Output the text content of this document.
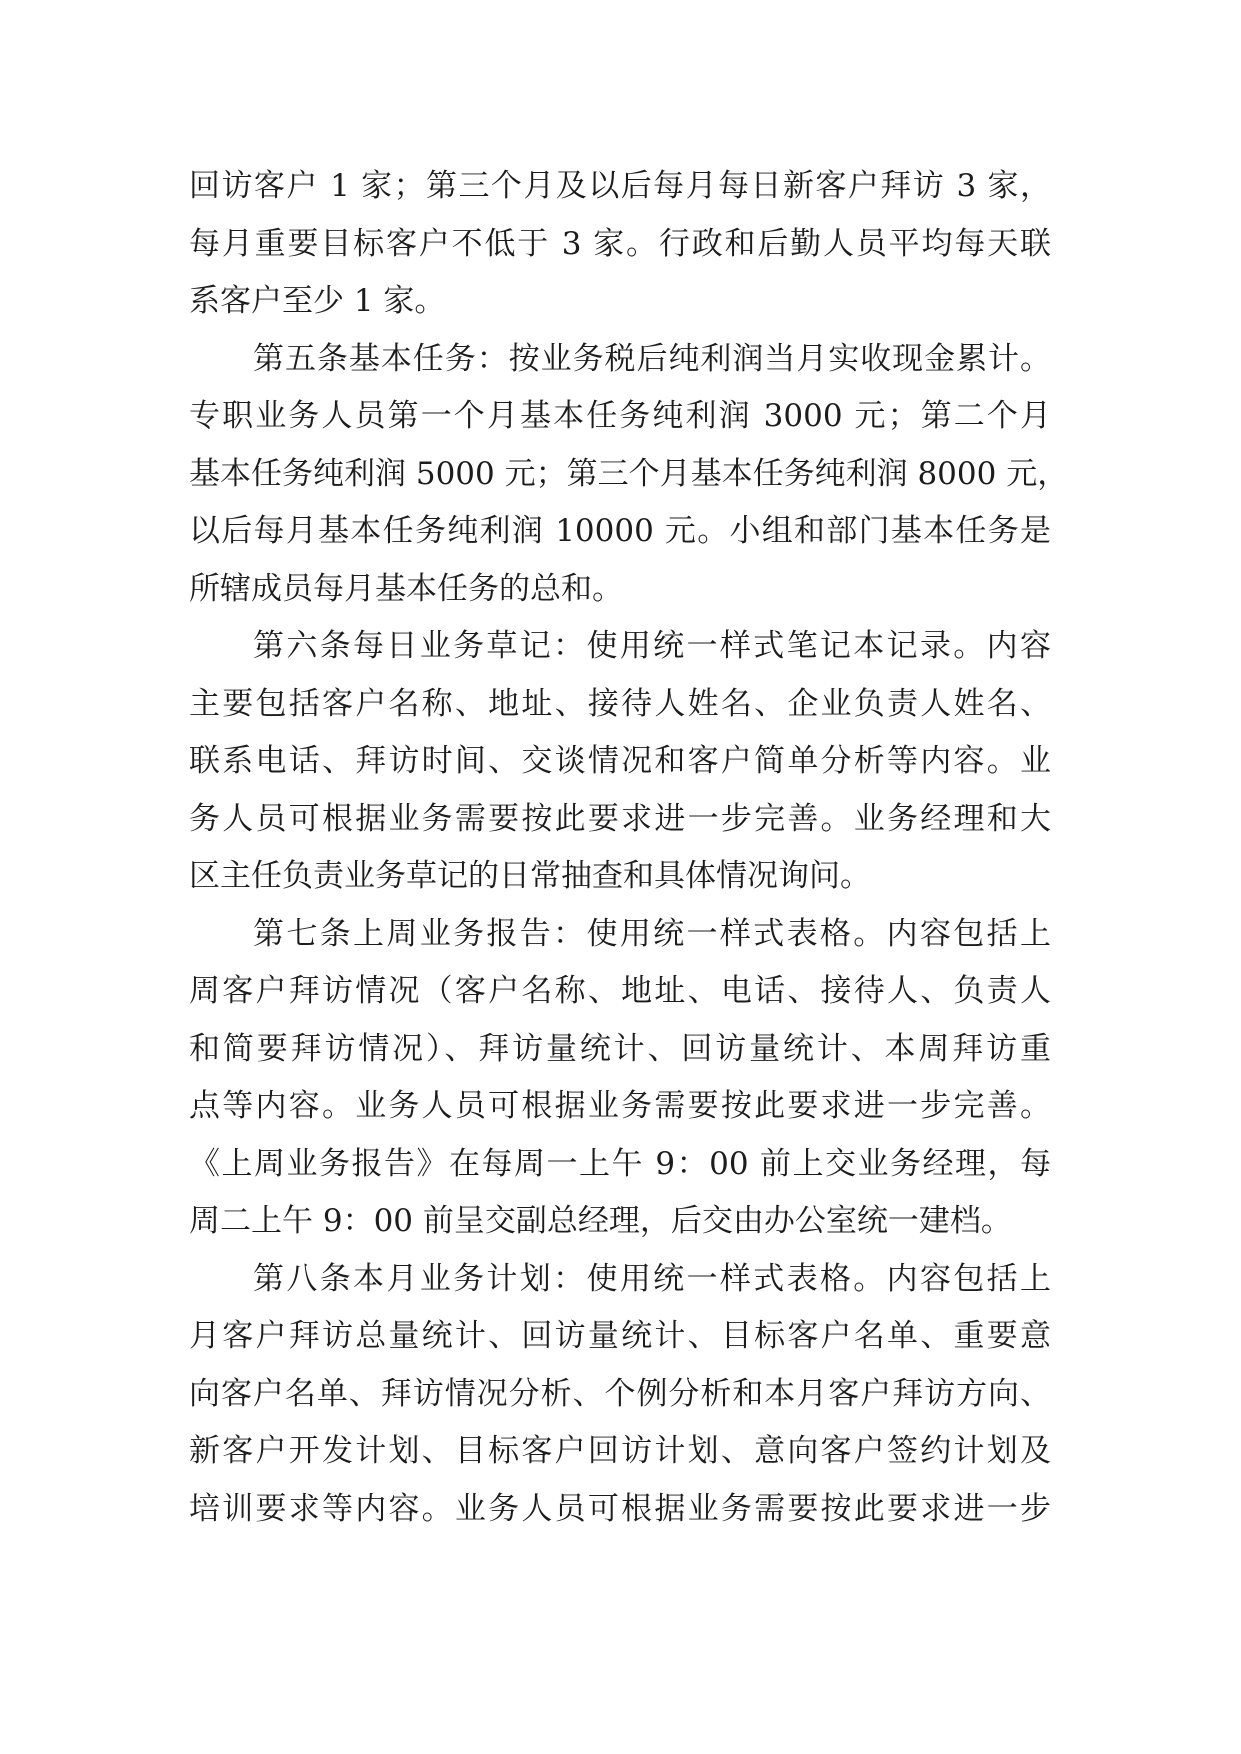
回访客户 1 家；第三个月及以后每月每日新客户拜访 3 家，
每月重要目标客户不低于 3 家。行政和后勤人员平均每天联
系客户至少 1 家。
第五条基本任务：按业务税后纯利润当月实收现金累计。
专职业务人员第一个月基本任务纯利润 3000 元；第二个月
基本任务纯利润 5000 元；第三个月基本任务纯利润 8000 元，
以后每月基本任务纯利润 10000 元。小组和部门基本任务是
所辖成员每月基本任务的总和。
第六条每日业务草记：使用统一样式笔记本记录。内容
主要包括客户名称、地址、接待人姓名、企业负责人姓名、
联系电话、拜访时间、交谈情况和客户简单分析等内容。业
务人员可根据业务需要按此要求进一步完善。业务经理和大
区主任负责业务草记的日常抽查和具体情况询问。
第七条上周业务报告：使用统一样式表格。内容包括上
周客户拜访情况（客户名称、地址、电话、接待人、负责人
和简要拜访情况）、拜访量统计、回访量统计、本周拜访重
点等内容。业务人员可根据业务需要按此要求进一步完善。
《上周业务报告》在每周一上午 9：00 前上交业务经理，每
周二上午 9：00 前呈交副总经理，后交由办公室统一建档。
第八条本月业务计划：使用统一样式表格。内容包括上
月客户拜访总量统计、回访量统计、目标客户名单、重要意
向客户名单、拜访情况分析、个例分析和本月客户拜访方向、
新客户开发计划、目标客户回访计划、意向客户签约计划及
培训要求等内容。业务人员可根据业务需要按此要求进一步
